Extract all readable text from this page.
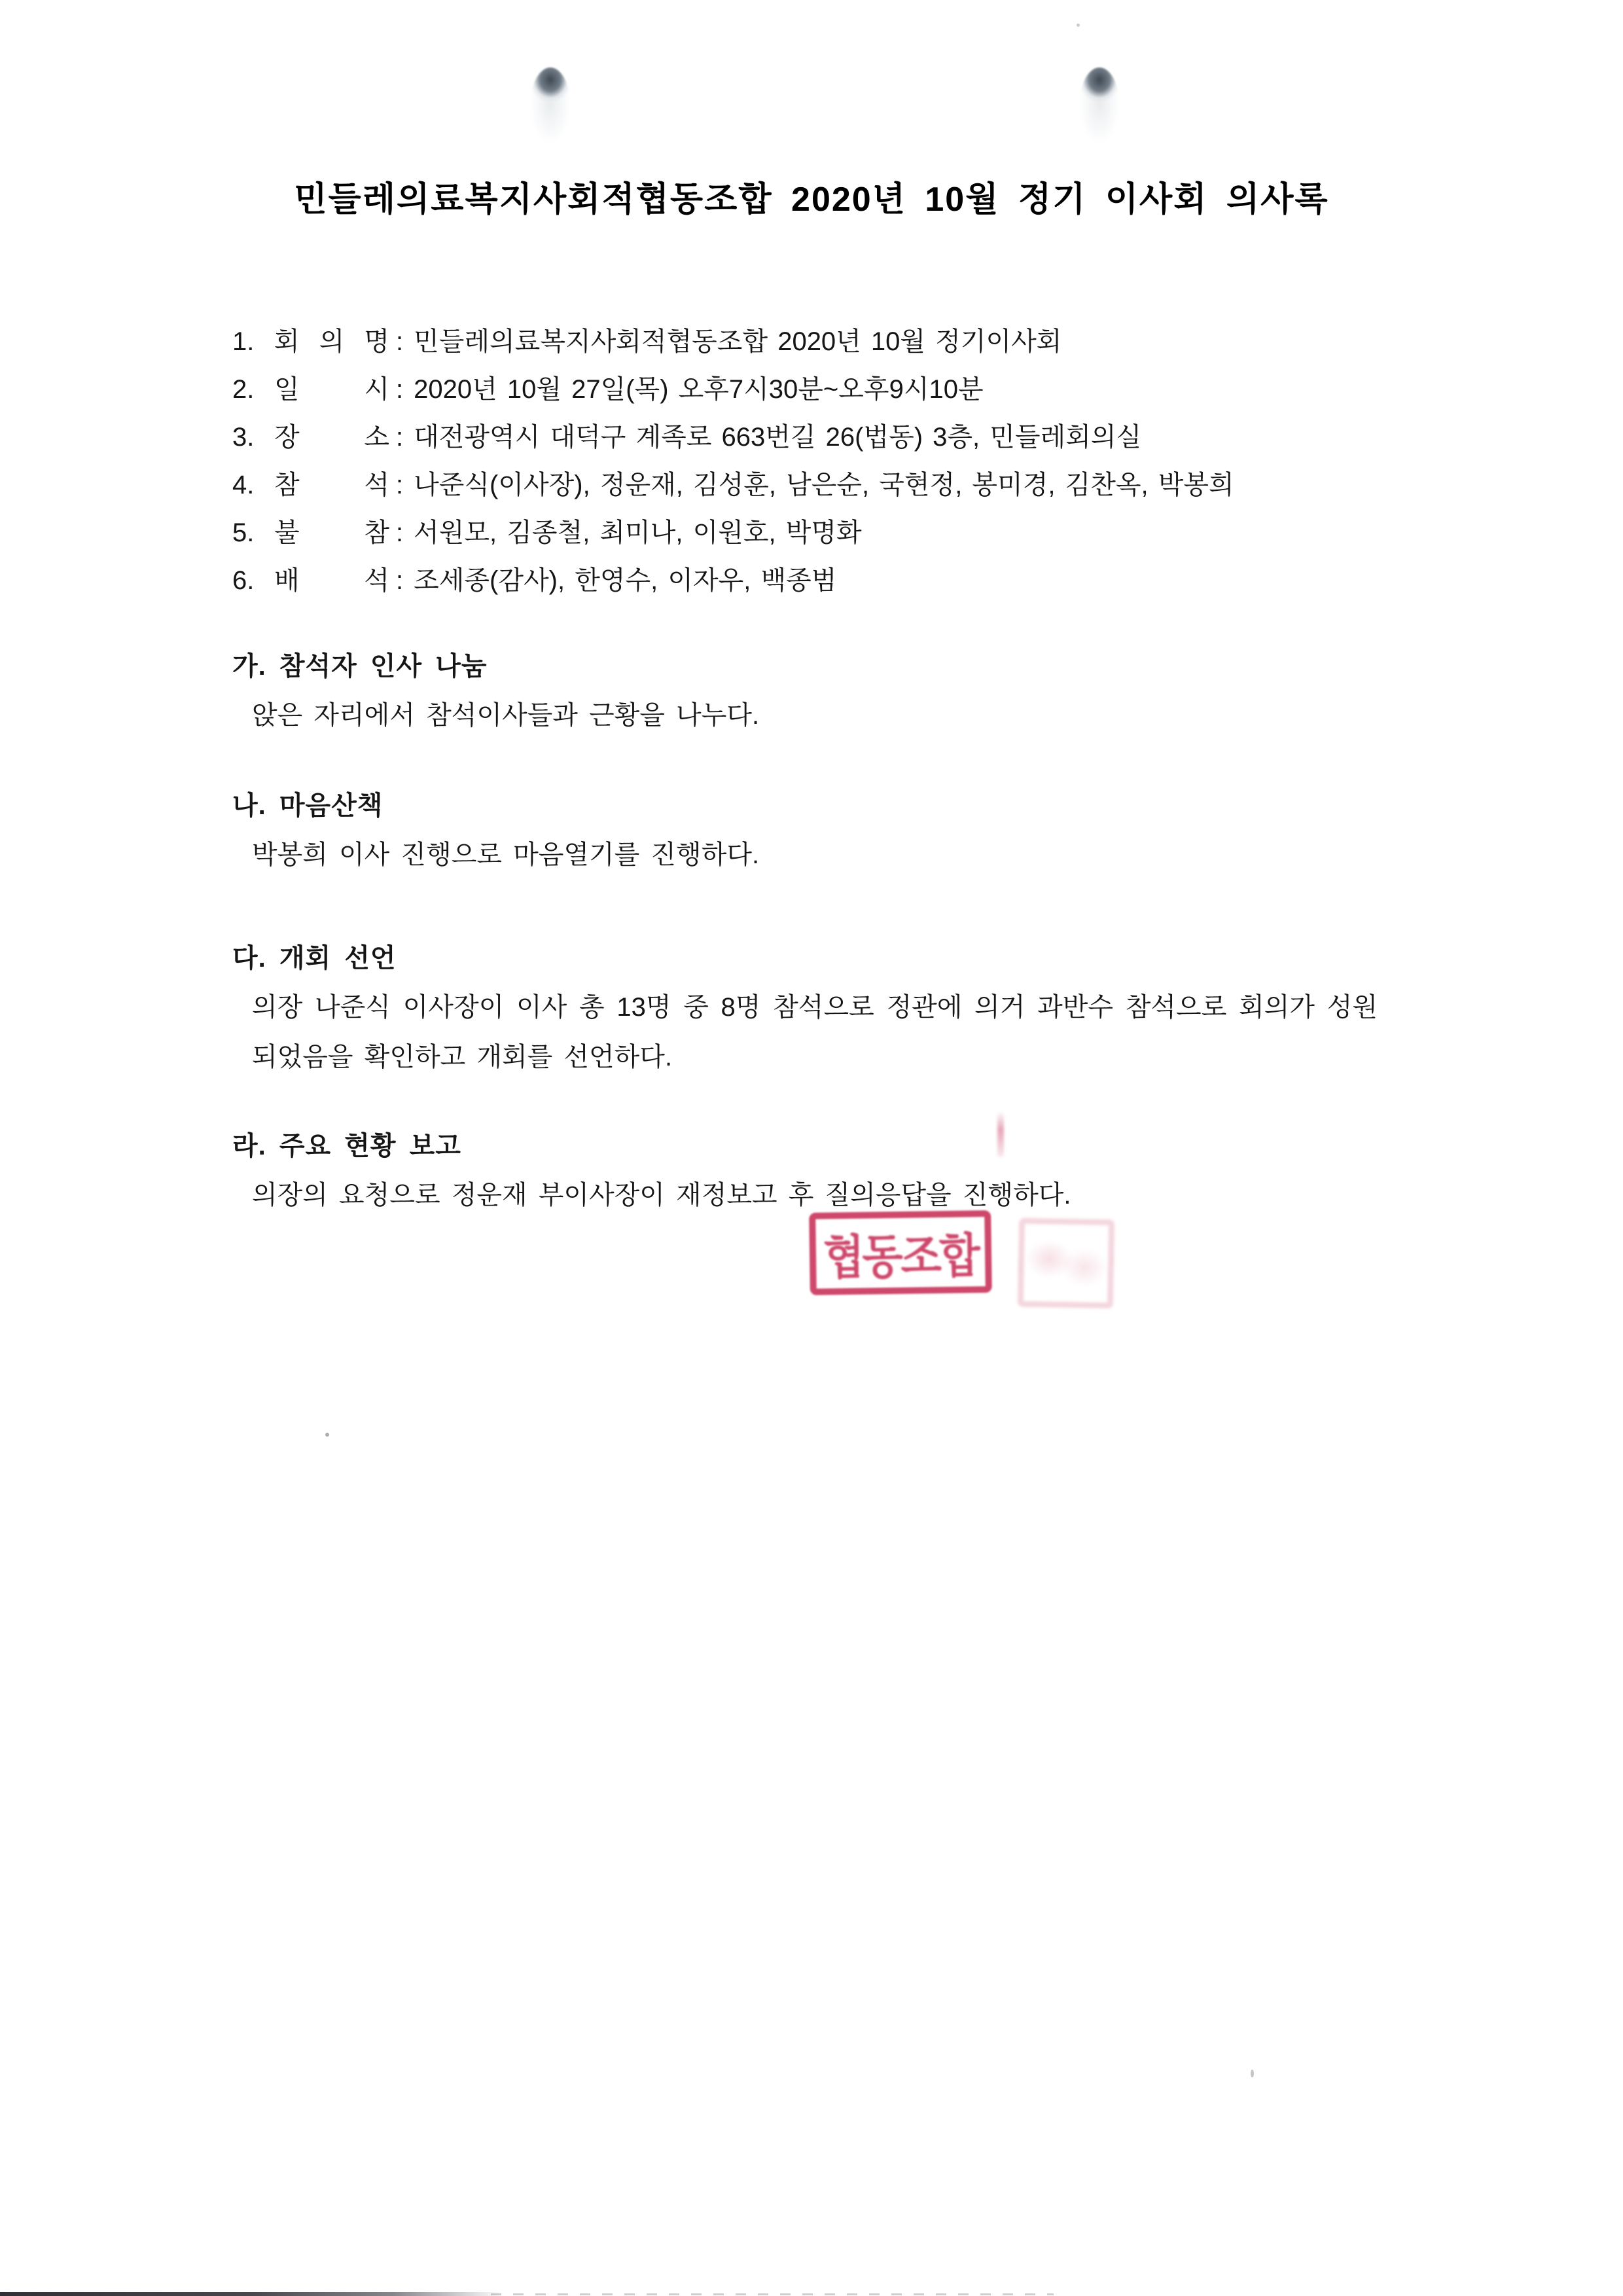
민들레의료복지사회적협동조합 2020년 10월 정기 이사회 의사록
1. 회 의 명 : 민들레의료복지사회적협동조합 2020년 10월 정기이사회
2. 일 시 : 2020년 10월 27일(목) 오후7시30분~오후9시10분
3. 장 소 : 대전광역시 대덕구 계족로 663번길 26(법동) 3층, 민들레회의실
4. 참 석 : 나준식(이사장), 정운재, 김성훈, 남은순, 국현정, 봉미경, 김찬옥, 박봉희
5. 불 참 : 서원모, 김종철, 최미나, 이원호, 박명화
6. 배 석 : 조세종(감사), 한영수, 이자우, 백종범
가. 참석자 인사 나눔
앉은 자리에서 참석이사들과 근황을 나누다.
나. 마음산책
박봉희 이사 진행으로 마음열기를 진행하다.
다. 개회 선언
의장 나준식 이사장이 이사 총 13명 중 8명 참석으로 정관에 의거 과반수 참석으로 회의가 성원
되었음을 확인하고 개회를 선언하다.
라. 주요 현황 보고
의장의 요청으로 정운재 부이사장이 재정보고 후 질의응답을 진행하다.
협동조합
